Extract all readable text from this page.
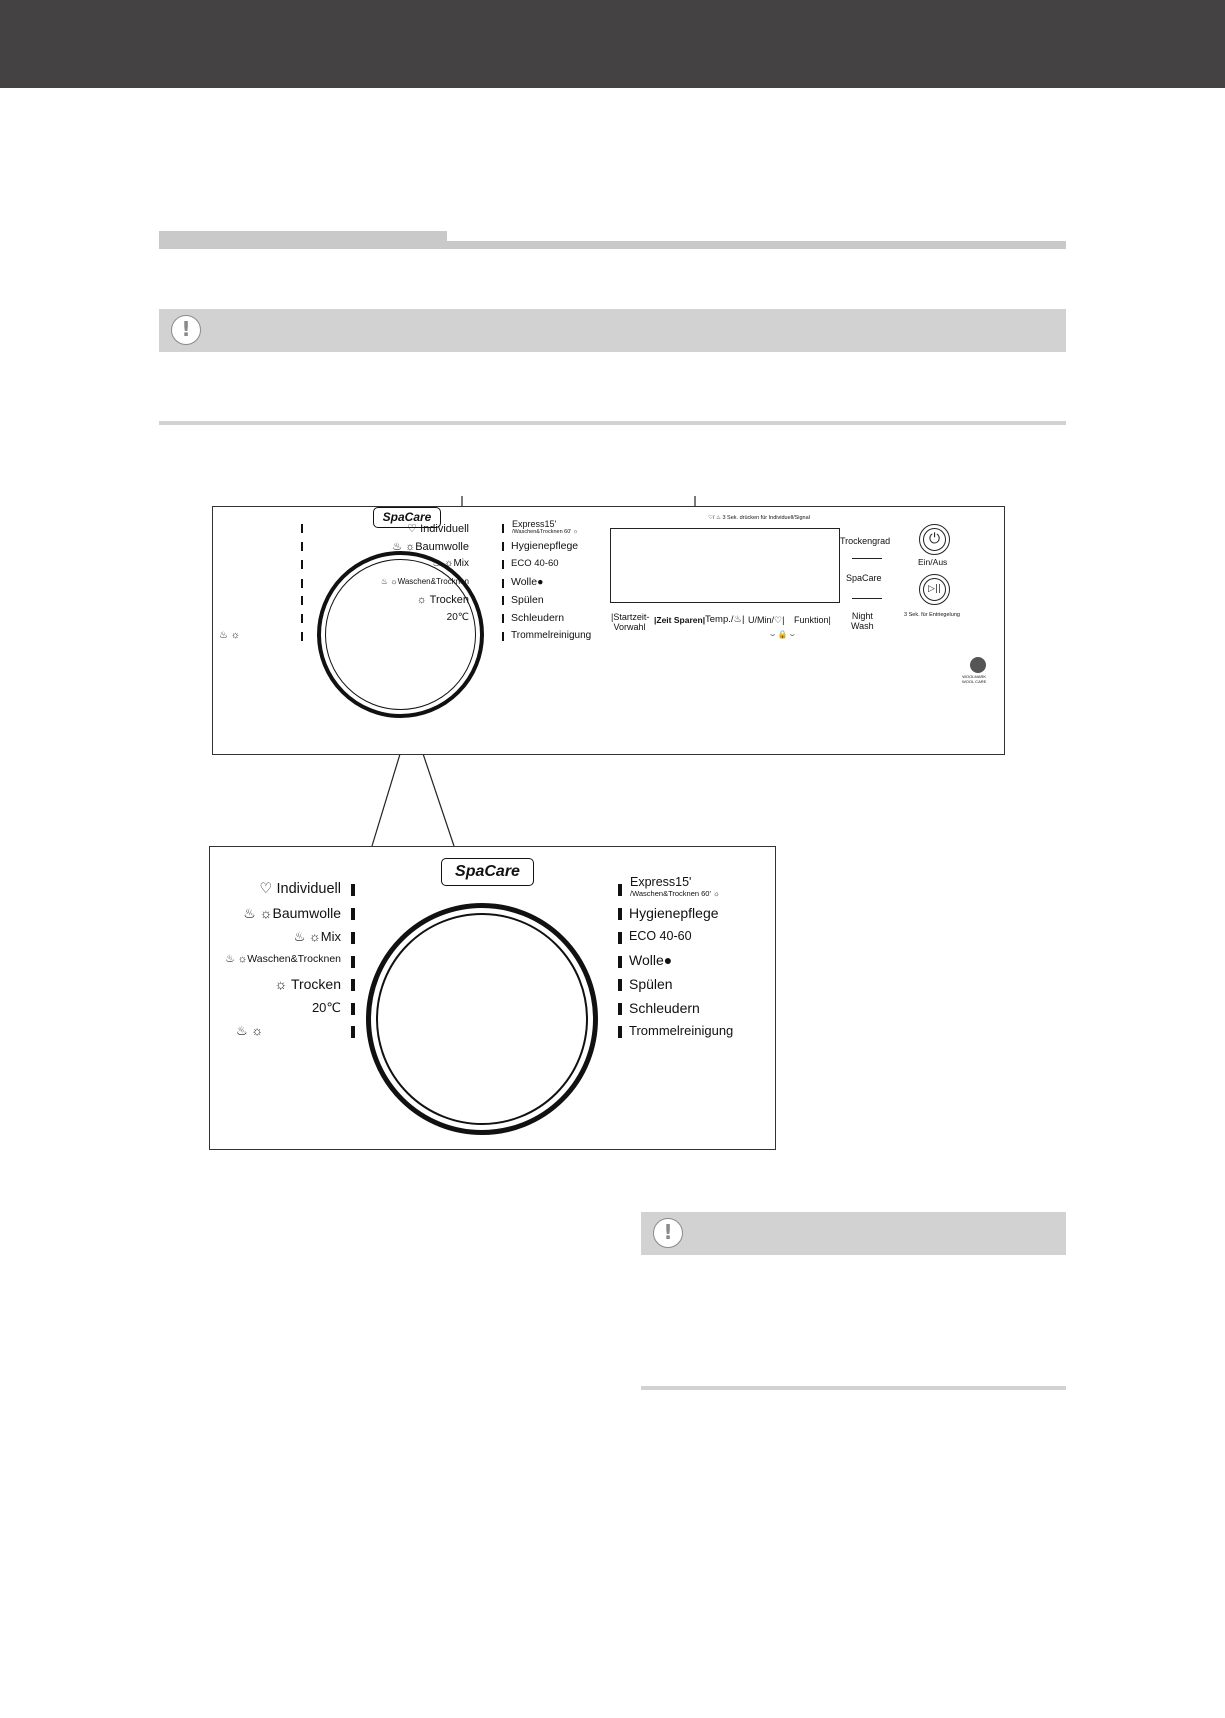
!
SpaCare
♡ Individuell
♨ ☼Baumwolle
♨ ☼Mix
♨ ☼Waschen&Trocknen
☼ Trocken
20℃
♨ ☼
Express15'
/Waschen&Trocknen 60' ☼
Hygienepflege
ECO 40-60
Wolle●
Spülen
Schleudern
Trommelreinigung
♡/ ♨ 3 Sek. drücken für Individuell/Signal
|Startzeit-
Vorwahl
|Zeit Sparen| Temp./♨| U/Min/♡| Funktion|
⌣ 🔒 ⌣
Trockengrad
SpaCare
Night
Wash
⏻
Ein/Aus
▷||
3 Sek. für Entriegelung
WOOLMARK
WOOL CARE
SpaCare
♡ Individuell
♨ ☼Baumwolle
♨ ☼Mix
♨ ☼Waschen&Trocknen
☼ Trocken
20℃
♨ ☼
Express15'
/Waschen&Trocknen 60' ☼
Hygienepflege
ECO 40-60
Wolle●
Spülen
Schleudern
Trommelreinigung
!
